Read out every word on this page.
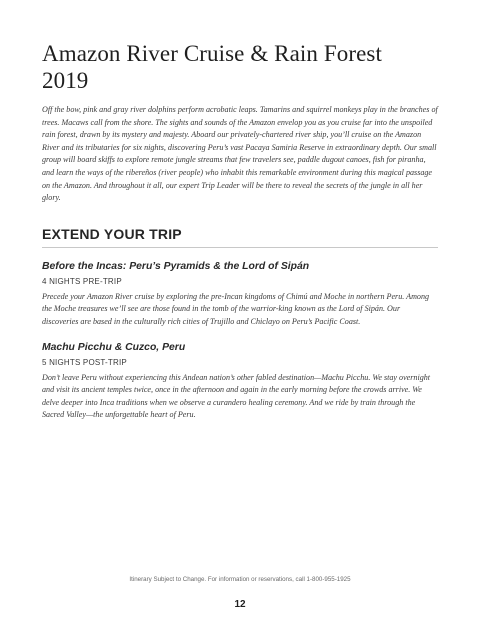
Amazon River Cruise & Rain Forest
2019

Off the bow, pink and gray river dolphins perform acrobatic leaps. Tamarins and squirrel monkeys play in the branches of trees. Macaws call from the shore. The sights and sounds of the Amazon envelop you as you cruise far into the unspoiled rain forest, drawn by its mystery and majesty. Aboard our privately-chartered river ship, you’ll cruise on the Amazon River and its tributaries for six nights, discovering Peru’s vast Pacaya Samiria Reserve in extraordinary depth. Our small group will board skiffs to explore remote jungle streams that few travelers see, paddle dugout canoes, fish for piranha, and learn the ways of the ribereños (river people) who inhabit this remarkable environment during this magical passage on the Amazon. And throughout it all, our expert Trip Leader will be there to reveal the secrets of the jungle in all her glory.

EXTEND YOUR TRIP
Before the Incas: Peru’s Pyramids & the Lord of Sipán
4 NIGHTS PRE-TRIP

Precede your Amazon River cruise by exploring the pre-Incan kingdoms of Chimú and Moche in northern Peru. Among the Moche treasures we’ll see are those found in the tomb of the warrior-king known as the Lord of Sipán. Our discoveries are based in the culturally rich cities of Trujillo and Chiclayo on Peru’s Pacific Coast.

Machu Picchu & Cuzco, Peru
5 NIGHTS POST-TRIP

Don’t leave Peru without experiencing this Andean nation’s other fabled destination—Machu Picchu. We stay overnight and visit its ancient temples twice, once in the afternoon and again in the early morning before the crowds arrive. We delve deeper into Inca traditions when we observe a curandero healing ceremony. And we ride by train through the Sacred Valley—the unforgettable heart of Peru.

Itinerary Subject to Change. For information or reservations, call 1-800-955-1925
12
